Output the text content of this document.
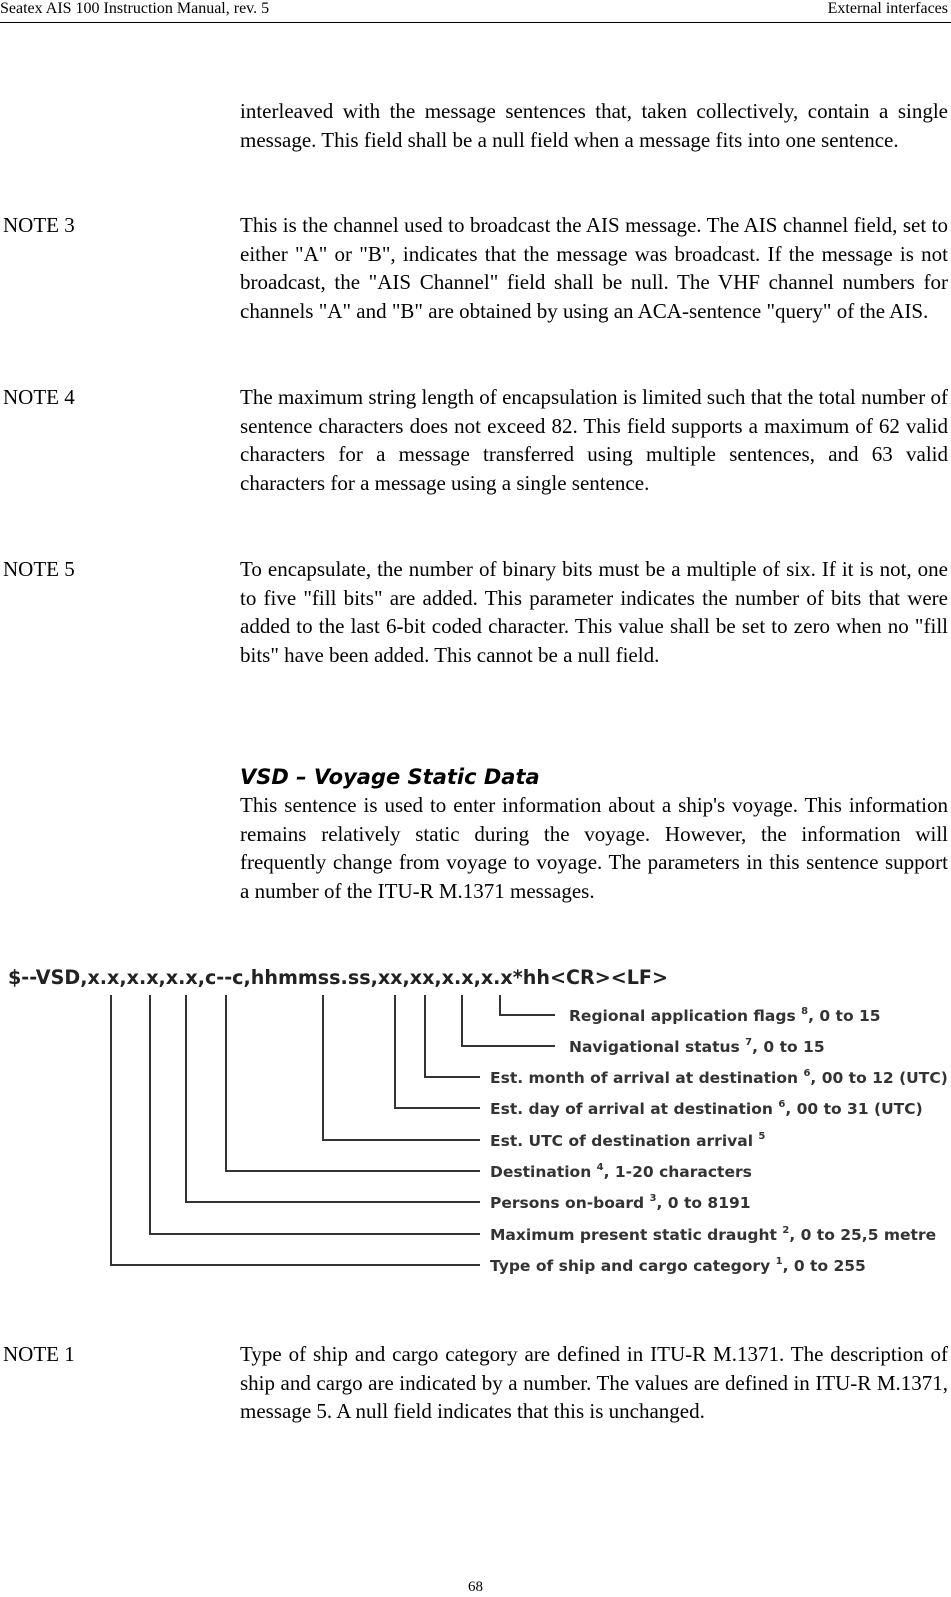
Seatex AIS 100 Instruction Manual, rev. 5	External interfaces

interleaved with the message sentences that, taken collectively, contain a single message. This field shall be a null field when a message fits into one sentence.

NOTE 3	This is the channel used to broadcast the AIS message. The AIS channel field, set to either "A" or "B", indicates that the message was broadcast. If the message is not broadcast, the "AIS Channel" field shall be null. The VHF channel numbers for channels "A" and "B" are obtained by using an ACA-sentence "query" of the AIS.

NOTE 4	The maximum string length of encapsulation is limited such that the total number of sentence characters does not exceed 82. This field supports a maximum of 62 valid characters for a message transferred using multiple sentences, and 63 valid characters for a message using a single sentence.

NOTE 5	To encapsulate, the number of binary bits must be a multiple of six. If it is not, one to five "fill bits" are added. This parameter indicates the number of bits that were added to the last 6-bit coded character. This value shall be set to zero when no "fill bits" have been added. This cannot be a null field.

VSD – Voyage Static Data

This sentence is used to enter information about a ship's voyage. This information remains relatively static during the voyage. However, the information will frequently change from voyage to voyage. The parameters in this sentence support a number of the ITU-R M.1371 messages.

$--VSD,x.x,x.x,x.x,c--c,hhmmss.ss,xx,xx,x.x,x.x*hh<CR><LF>
Regional application flags $^8$, 0 to 15
Navigational status $^7$, 0 to 15
Est. month of arrival at destination $^6$, 00 to 12 (UTC)
Est. day of arrival at destination $^6$, 00 to 31 (UTC)
Est. UTC of destination arrival $^5$
Destination $^4$, 1-20 characters
Persons on-board $^3$, 0 to 8191
Maximum present static draught $^2$, 0 to 25,5 metre
Type of ship and cargo category $^1$, 0 to 255
NOTE 1	Type of ship and cargo category are defined in ITU-R M.1371. The description of ship and cargo are indicated by a number. The values are defined in ITU-R M.1371, message 5. A null field indicates that this is unchanged.

68
